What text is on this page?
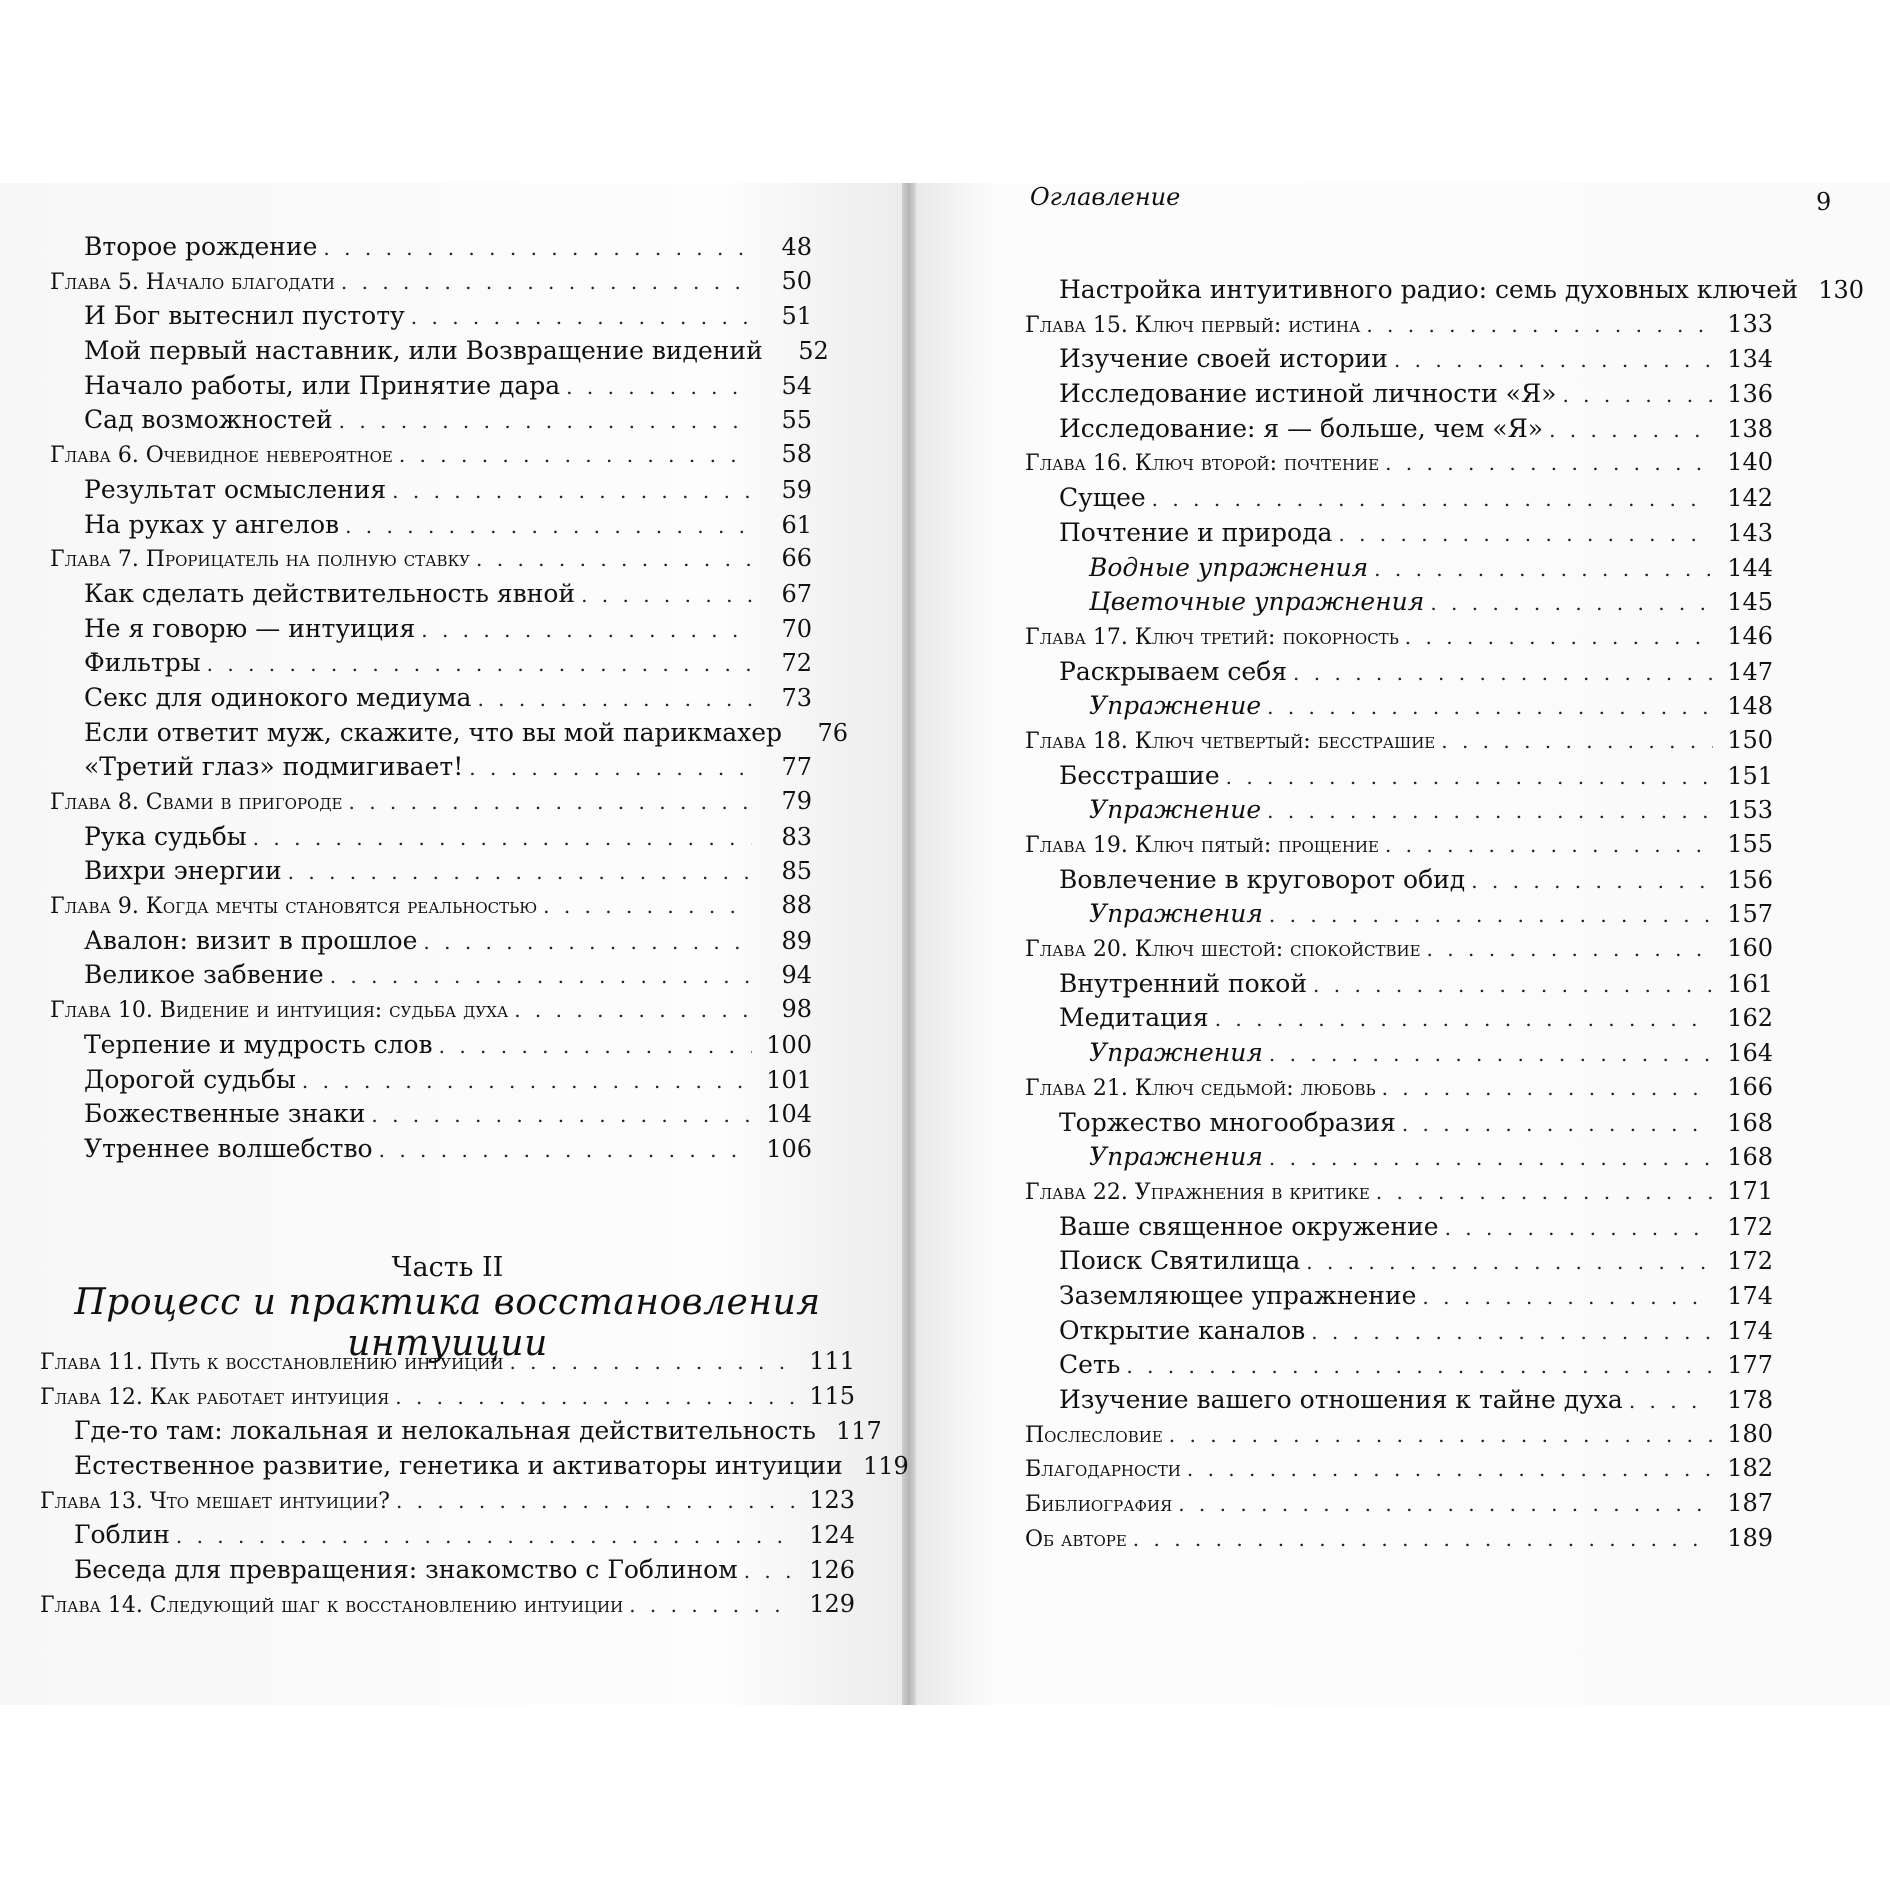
Второе рождение . . .	48
Глава 5. Начало благодати . . .	50
И Бог вытеснил пустоту . . .	51
Мой первый наставник, или Возвращение видений	52
Начало работы, или Принятие дара . . .	54
Сад возможностей . . .	55
Глава 6. Очевидное невероятное . . .	58
Результат осмысления . . .	59
На руках у ангелов . . .	61
Глава 7. Прорицатель на полную ставку . . .	66
Как сделать действительность явной . . .	67
Не я говорю — интуиция . . .	70
Фильтры . . .	72
Секс для одинокого медиума . . .	73
Если ответит муж, скажите, что вы мой парикмахер	76
«Третий глаз» подмигивает! . . .	77
Глава 8. Свами в пригороде . . .	79
Рука судьбы . . .	83
Вихри энергии . . .	85
Глава 9. Когда мечты становятся реальностью . . .	88
Авалон: визит в прошлое . . .	89
Великое забвение . . .	94
Глава 10. Видение и интуиция: судьба духа . . .	98
Терпение и мудрость слов . . .	100
Дорогой судьбы . . .	101
Божественные знаки . . .	104
Утреннее волшебство . . .	106
Часть II
Процесс и практика восстановления интуиции
Глава 11. Путь к восстановлению интуиции . . .	111
Глава 12. Как работает интуиция . . .	115
Где-то там: локальная и нелокальная действительность 117
Естественное развитие, генетика и активаторы интуиции 119
Глава 13. Что мешает интуиции? . . .	123
Гоблин . . .	124
Беседа для превращения: знакомство с Гоблином . . .	126
Глава 14. Следующий шаг к восстановлению интуиции . . .	129
Оглавление	9
Настройка интуитивного радио: семь духовных ключей 130
Глава 15. Ключ первый: истина . . .	133
Изучение своей истории . . .	134
Исследование истиной личности «Я» . . .	136
Исследование: я — больше, чем «Я» . . .	138
Глава 16. Ключ второй: почтение . . .	140
Сущее . . .	142
Почтение и природа . . .	143
Водные упражнения . . .	144
Цветочные упражнения . . .	145
Глава 17. Ключ третий: покорность . . .	146
Раскрываем себя . . .	147
Упражнение . . .	148
Глава 18. Ключ четвертый: бесстрашие . . .	150
Бесстрашие . . .	151
Упражнение . . .	153
Глава 19. Ключ пятый: прощение . . .	155
Вовлечение в круговорот обид . . .	156
Упражнения . . .	157
Глава 20. Ключ шестой: спокойствие . . .	160
Внутренний покой . . .	161
Медитация . . .	162
Упражнения . . .	164
Глава 21. Ключ седьмой: любовь . . .	166
Торжество многообразия . . .	168
Упражнения . . .	168
Глава 22. Упражнения в критике . . .	171
Ваше священное окружение . . .	172
Поиск Святилища . . .	172
Заземляющее упражнение . . .	174
Открытие каналов . . .	174
Сеть . . .	177
Изучение вашего отношения к тайне духа . . .	178
Послесловие . . .	180
Благодарности . . .	182
Библиография . . .	187
Об авторе . . .	189
